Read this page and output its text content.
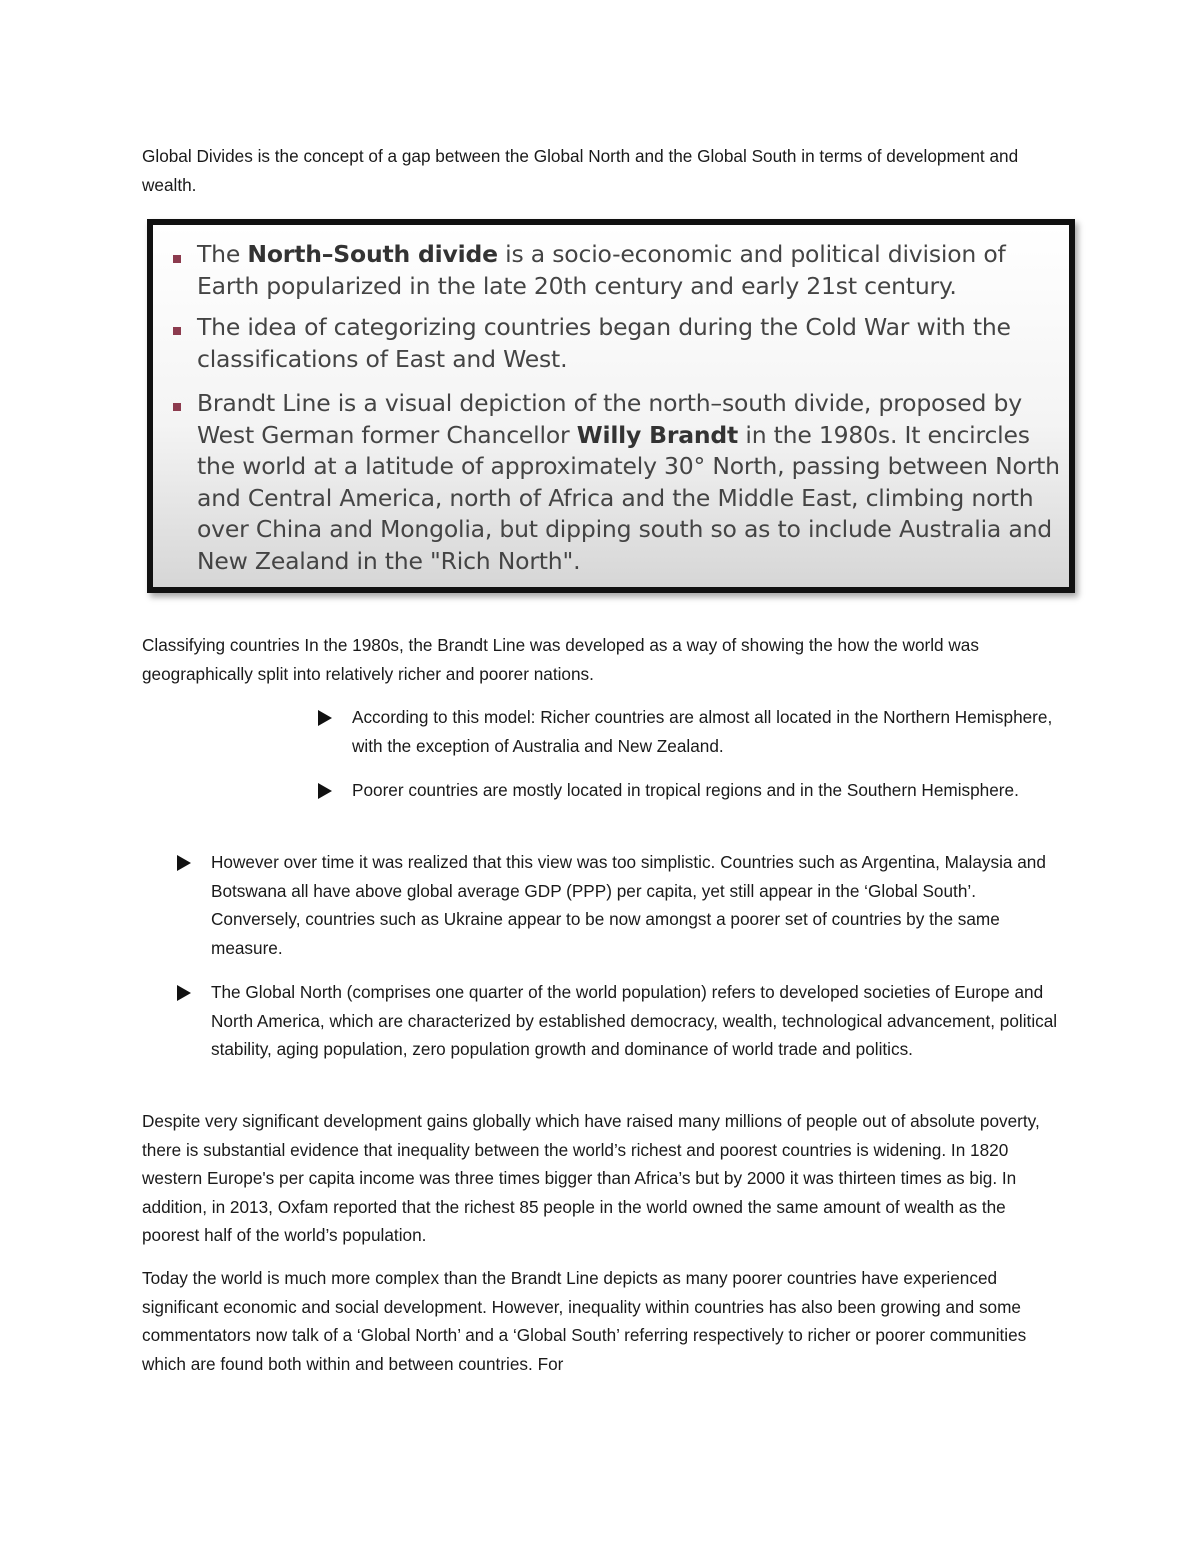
Global Divides is the concept of a gap between the Global North and the Global South in terms of development and wealth.

The North–South divide is a socio-economic and political division of Earth popularized in the late 20th century and early 21st century.
The idea of categorizing countries began during the Cold War with the classifications of East and West.
Brandt Line is a visual depiction of the north–south divide, proposed by West German former Chancellor Willy Brandt in the 1980s. It encircles the world at a latitude of approximately 30° North, passing between North and Central America, north of Africa and the Middle East, climbing north over China and Mongolia, but dipping south so as to include Australia and New Zealand in the "Rich North".

Classifying countries In the 1980s, the Brandt Line was developed as a way of showing the how the world was geographically split into relatively richer and poorer nations.

According to this model: Richer countries are almost all located in the Northern Hemisphere, with the exception of Australia and New Zealand.

Poorer countries are mostly located in tropical regions and in the Southern Hemisphere.

However over time it was realized that this view was too simplistic. Countries such as Argentina, Malaysia and Botswana all have above global average GDP (PPP) per capita, yet still appear in the ‘Global South’. Conversely, countries such as Ukraine appear to be now amongst a poorer set of countries by the same measure.

The Global North (comprises one quarter of the world population) refers to developed societies of Europe and North America, which are characterized by established democracy, wealth, technological advancement, political stability, aging population, zero population growth and dominance of world trade and politics.

Despite very significant development gains globally which have raised many millions of people out of absolute poverty, there is substantial evidence that inequality between the world’s richest and poorest countries is widening. In 1820 western Europe's per capita income was three times bigger than Africa’s but by 2000 it was thirteen times as big. In addition, in 2013, Oxfam reported that the richest 85 people in the world owned the same amount of wealth as the poorest half of the world’s population.

Today the world is much more complex than the Brandt Line depicts as many poorer countries have experienced significant economic and social development. However, inequality within countries has also been growing and some commentators now talk of a ‘Global North’ and a ‘Global South’ referring respectively to richer or poorer communities which are found both within and between countries. For
